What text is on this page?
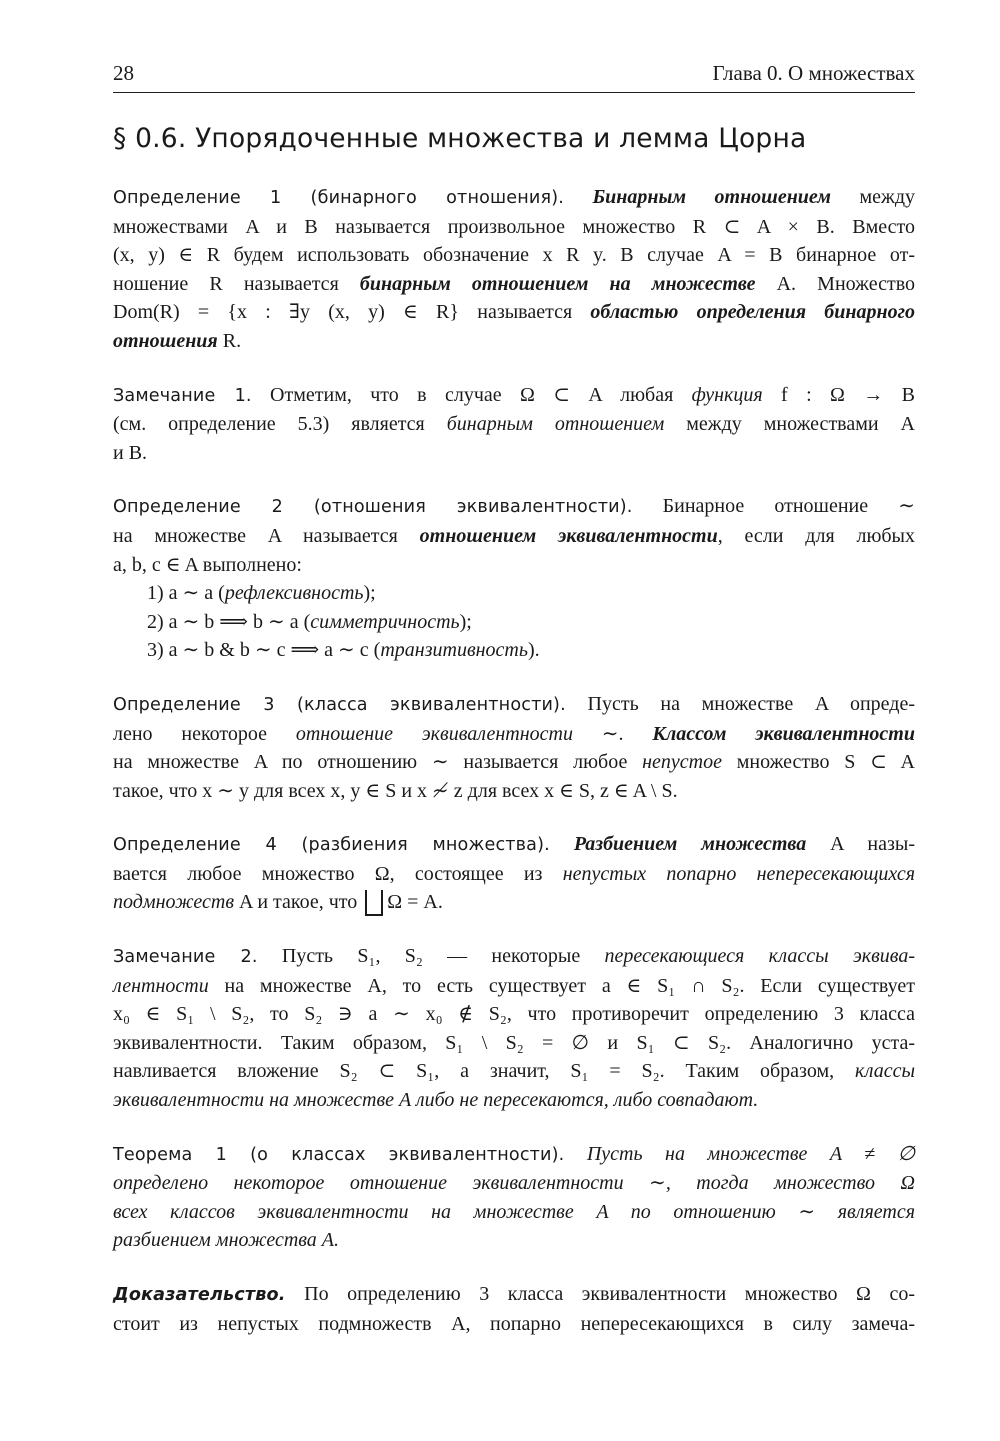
28	Глава 0. О множествах
§ 0.6. Упорядоченные множества и лемма Цорна

Определение 1 (бинарного отношения). Бинарным отношением между

множествами A и B называется произвольное множество R ⊂ A × B. Вместо

(x, y) ∈ R будем использовать обозначение x R y. В случае A = B бинарное от-

ношение R называется бинарным отношением на множестве A. Множество

Dom(R) = {x : ∃y (x, y) ∈ R} называется областью определения бинарного

отношения R.

Замечание 1. Отметим, что в случае Ω ⊂ A любая функция f : Ω → B

(см. определение 5.3) является бинарным отношением между множествами A

и B.

Определение 2 (отношения эквивалентности). Бинарное отношение ∼

на множестве A называется отношением эквивалентности, если для любых

a, b, c ∈ A выполнено:

1) a ∼ a (рефлексивность);

2) a ∼ b ⟹ b ∼ a (симметричность);

3) a ∼ b & b ∼ c ⟹ a ∼ c (транзитивность).

Определение 3 (класса эквивалентности). Пусть на множестве A опреде-

лено некоторое отношение эквивалентности ∼. Классом эквивалентности

на множестве A по отношению ∼ называется любое непустое множество S ⊂ A

такое, что x ∼ y для всех x, y ∈ S и x ≁ z для всех x ∈ S, z ∈ A \ S.

Определение 4 (разбиения множества). Разбиением множества A назы-

вается любое множество Ω, состоящее из непустых попарно непересекающихся

подмножеств A и такое, что Ω = A.

Замечание 2. Пусть S₁, S₂ — некоторые пересекающиеся классы эквива-

лентности на множестве A, то есть существует a ∈ S₁ ∩ S₂. Если существует

x₀ ∈ S₁ \ S₂, то S₂ ∋ a ∼ x₀ ∉ S₂, что противоречит определению 3 класса

эквивалентности. Таким образом, S₁ \ S₂ = ∅ и S₁ ⊂ S₂. Аналогично уста-

навливается вложение S₂ ⊂ S₁, а значит, S₁ = S₂. Таким образом, классы

эквивалентности на множестве A либо не пересекаются, либо совпадают.

Теорема 1 (о классах эквивалентности). Пусть на множестве A ≠ ∅

определено некоторое отношение эквивалентности ∼, тогда множество Ω

всех классов эквивалентности на множестве A по отношению ∼ является

разбиением множества A.

Доказательство. По определению 3 класса эквивалентности множество Ω со-

стоит из непустых подмножеств A, попарно непересекающихся в силу замеча-
